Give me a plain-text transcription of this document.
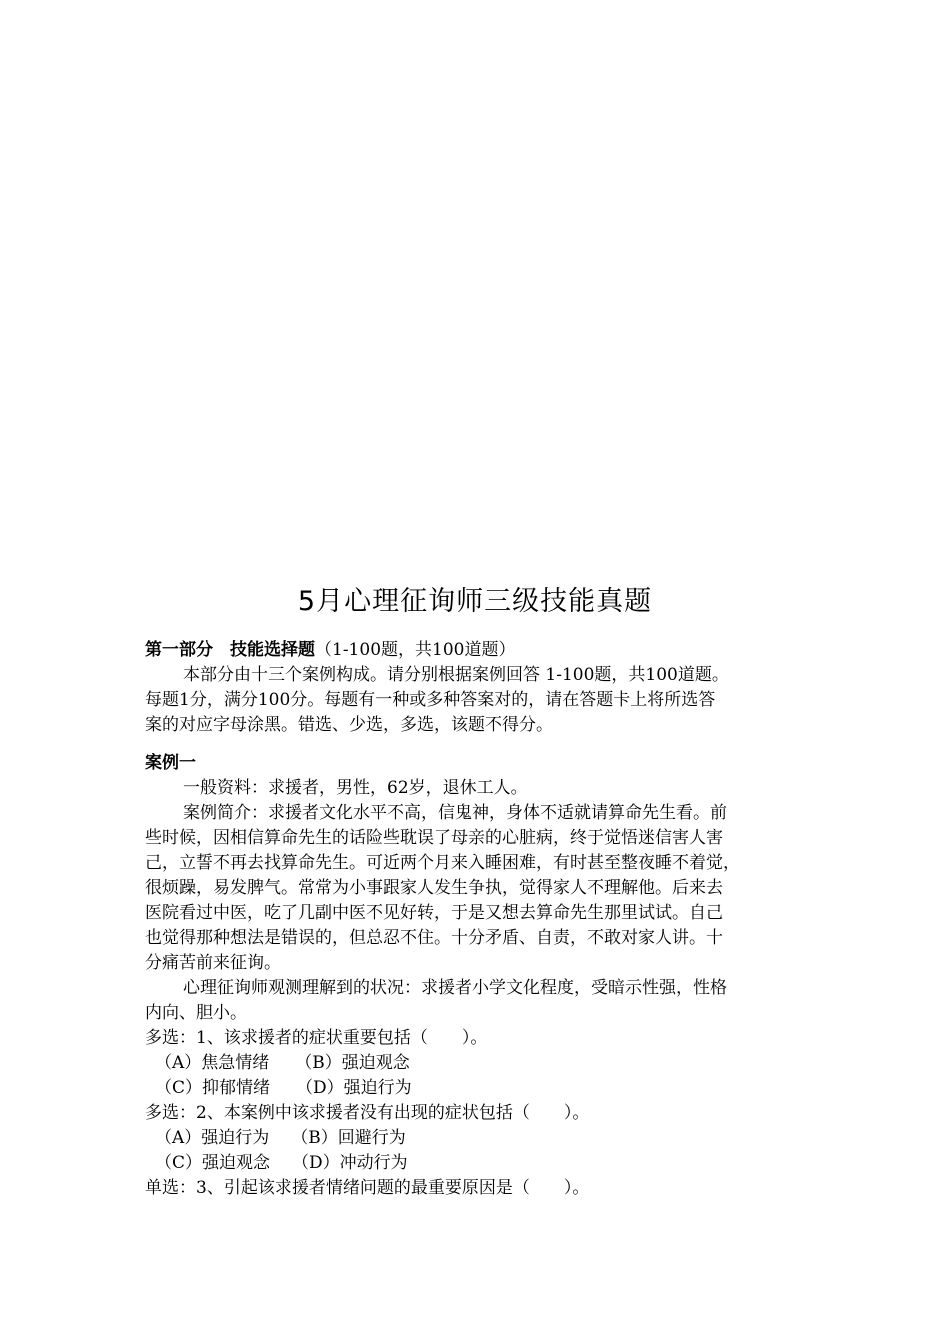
5月心理征询师三级技能真题
第一部分　技能选择题（1-100题，共100道题）
本部分由十三个案例构成。请分别根据案例回答 1-100题，共100道题。
每题1分，满分100分。每题有一种或多种答案对的，请在答题卡上将所选答
案的对应字母涂黑。错选、少选，多选，该题不得分。
案例一
一般资料：求援者，男性，62岁，退休工人。
案例简介：求援者文化水平不高，信鬼神，身体不适就请算命先生看。前
些时候，因相信算命先生的话险些耽误了母亲的心脏病，终于觉悟迷信害人害
己，立誓不再去找算命先生。可近两个月来入睡困难，有时甚至整夜睡不着觉，
很烦躁，易发脾气。常常为小事跟家人发生争执，觉得家人不理解他。后来去
医院看过中医，吃了几副中医不见好转，于是又想去算命先生那里试试。自己
也觉得那种想法是错误的，但总忍不住。十分矛盾、自责，不敢对家人讲。十
分痛苦前来征询。
心理征询师观测理解到的状况：求援者小学文化程度，受暗示性强，性格
内向、胆小。
多选：1、该求援者的症状重要包括（　　）。
（A）焦急情绪 （B）强迫观念
（C）抑郁情绪 （D）强迫行为
多选：2、本案例中该求援者没有出现的症状包括（　　）。
（A）强迫行为 （B）回避行为
（C）强迫观念 （D）冲动行为
单选：3、引起该求援者情绪问题的最重要原因是（　　）。
